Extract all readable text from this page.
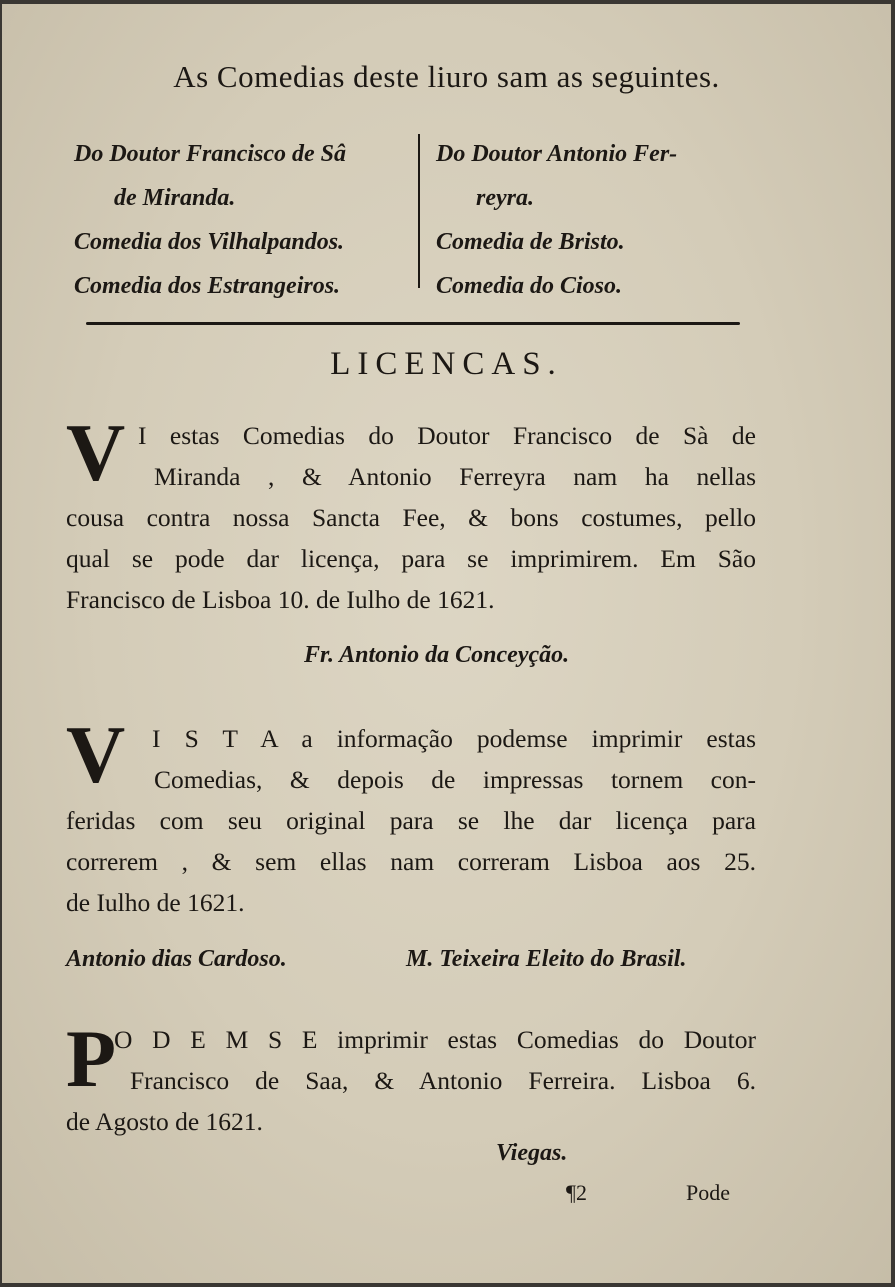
As Comedias deste liuro sam as seguintes.
Do Doutor Francisco de Sâ
de Miranda.
Comedia dos Vilhalpandos.
Comedia dos Estrangeiros.
Do Doutor Antonio Fer-
reyra.
Comedia de Bristo.
Comedia do Cioso.
LICENCAS.
V I estas Comedias do Doutor Francisco de Sà de
Miranda , & Antonio Ferreyra nam ha nellas
cousa contra nossa Sancta Fee, & bons costumes, pello
qual se pode dar licença, para se imprimirem. Em São
Francisco de Lisboa 10. de Iulho de 1621.
Fr. Antonio da Conceyção.
V	I S T A a informação podemse imprimir estas
Comedias, & depois de impressas tornem con-
feridas com seu original para se lhe dar licença para
correrem , & sem ellas nam correram Lisboa aos 25.
de Iulho de 1621.
Antonio dias Cardoso.	M. Teixeira Eleito do Brasil.
P
O D E M S E imprimir estas Comedias do Doutor
Francisco de Saa, & Antonio Ferreira. Lisboa 6.
de Agosto de 1621.
Viegas.
¶2	Pode
